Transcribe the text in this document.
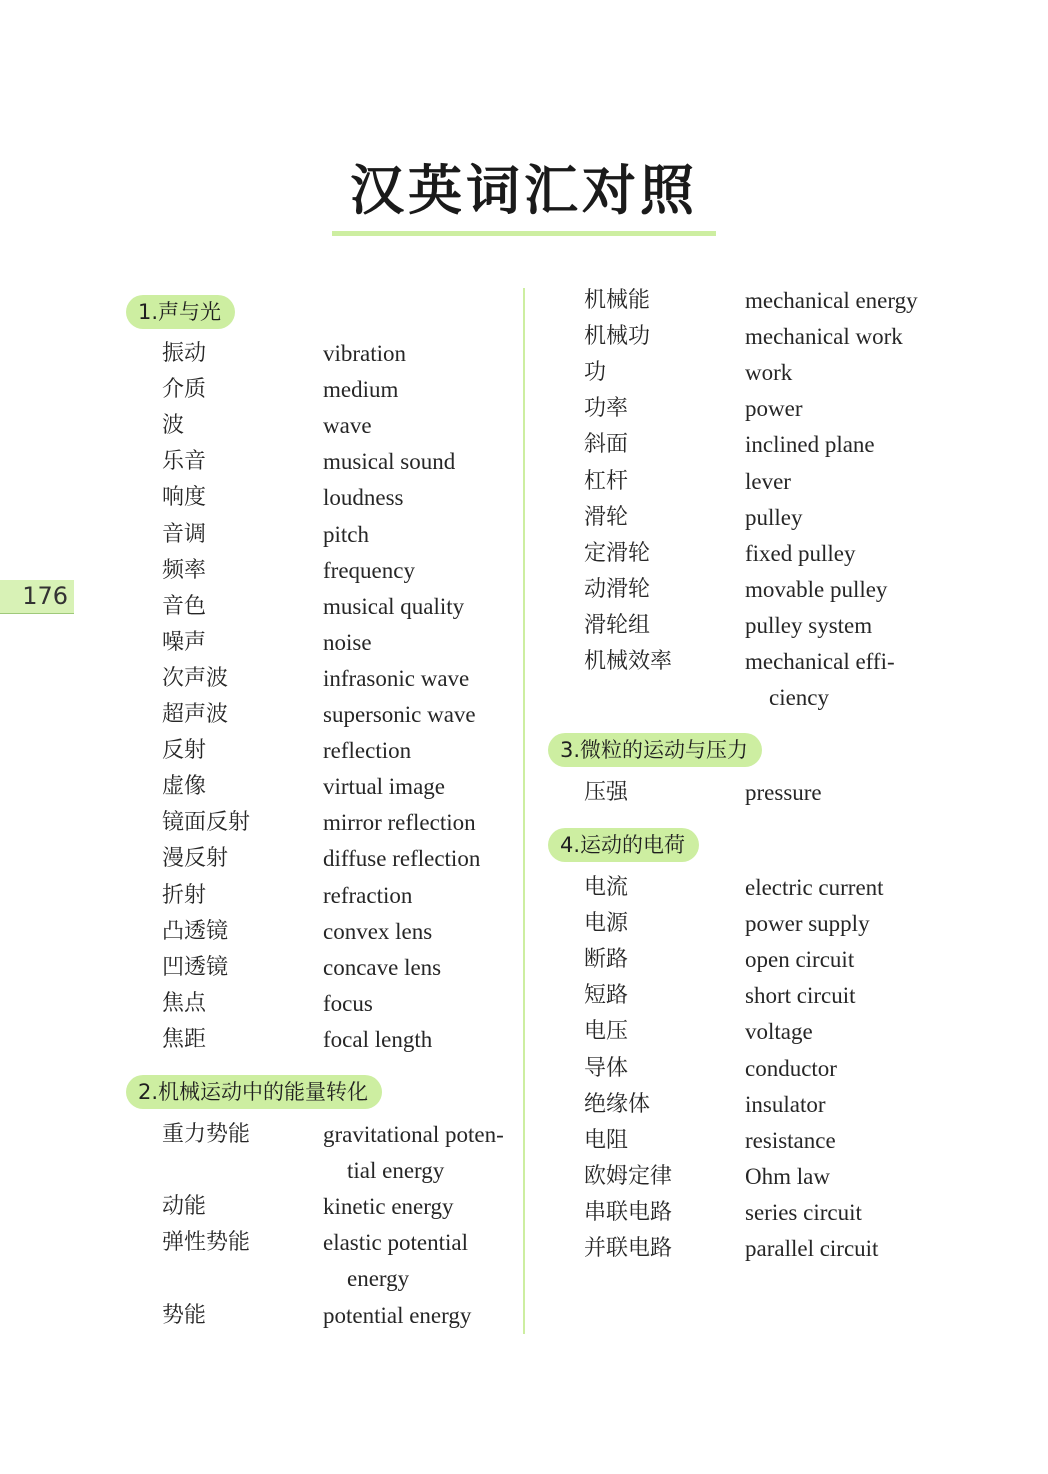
汉英词汇对照
176
1.声与光
振动	vibration
介质	medium
波	wave
乐音	musical sound
响度	loudness
音调	pitch
频率	frequency
音色	musical quality
噪声	noise
次声波	infrasonic wave
超声波	supersonic wave
反射	reflection
虚像	virtual image
镜面反射	mirror reflection
漫反射	diffuse reflection
折射	refraction
凸透镜	convex lens
凹透镜	concave lens
焦点	focus
焦距	focal length
2.机械运动中的能量转化
重力势能	gravitational poten-
tial energy
动能	kinetic energy
弹性势能	elastic potential
energy
势能	potential energy
机械能	mechanical energy
机械功	mechanical work
功	work
功率	power
斜面	inclined plane
杠杆	lever
滑轮	pulley
定滑轮	fixed pulley
动滑轮	movable pulley
滑轮组	pulley system
机械效率	mechanical effi-
ciency
3.微粒的运动与压力
压强	pressure
4.运动的电荷
电流	electric current
电源	power supply
断路	open circuit
短路	short circuit
电压	voltage
导体	conductor
绝缘体	insulator
电阻	resistance
欧姆定律	Ohm law
串联电路	series circuit
并联电路	parallel circuit
